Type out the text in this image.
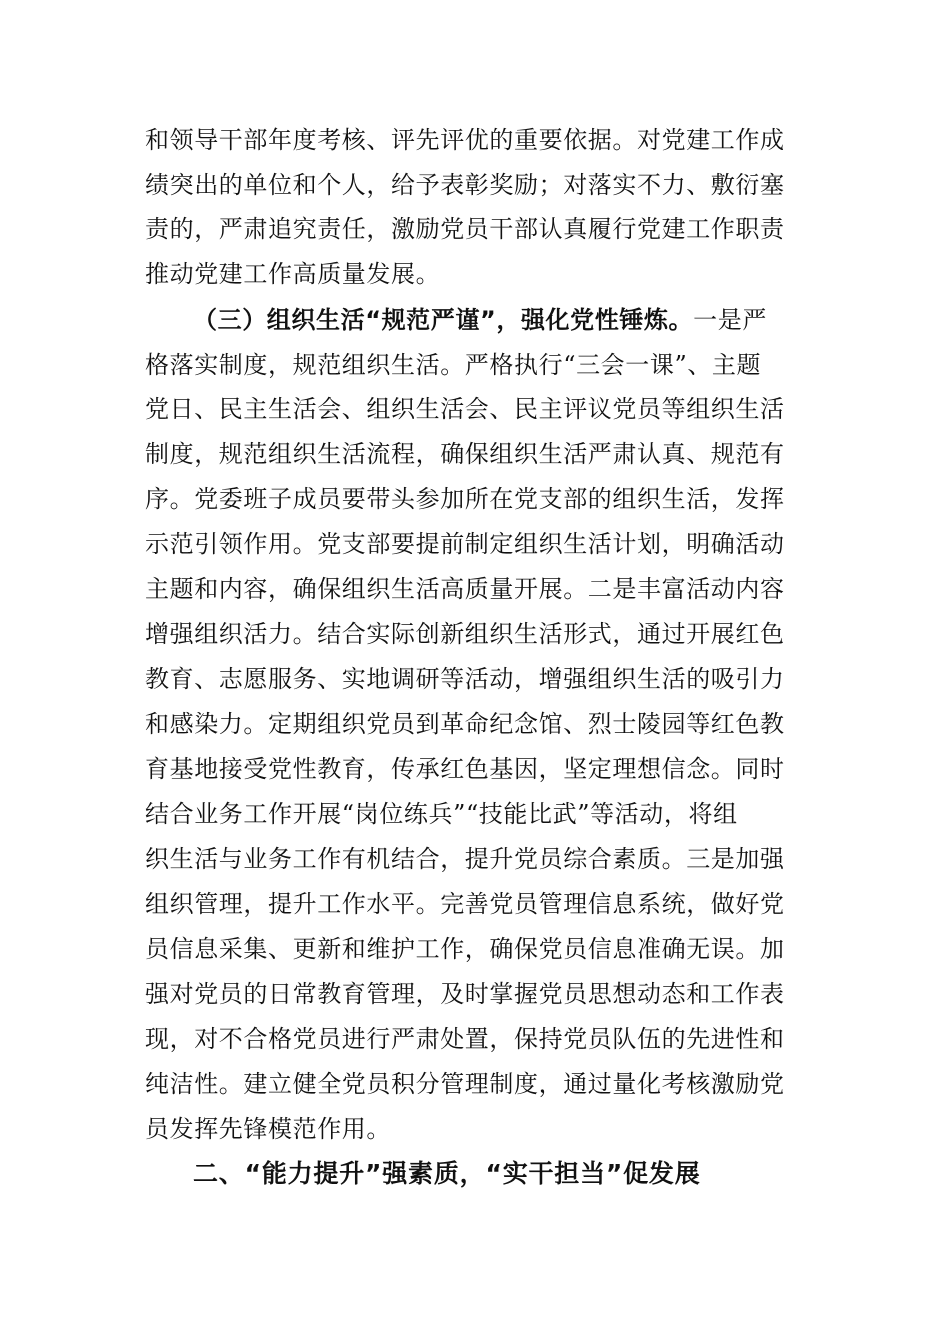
和领导干部年度考核、评先评优的重要依据。对党建工作成
绩突出的单位和个人，给予表彰奖励；对落实不力、敷衍塞
责的，严肃追究责任，激励党员干部认真履行党建工作职责
推动党建工作高质量发展。
（三）组织生活“规范严谨”，强化党性锤炼。一是严
格落实制度，规范组织生活。严格执行“三会一课”、主题
党日、民主生活会、组织生活会、民主评议党员等组织生活
制度，规范组织生活流程，确保组织生活严肃认真、规范有
序。党委班子成员要带头参加所在党支部的组织生活，发挥
示范引领作用。党支部要提前制定组织生活计划，明确活动
主题和内容，确保组织生活高质量开展。二是丰富活动内容
增强组织活力。结合实际创新组织生活形式，通过开展红色
教育、志愿服务、实地调研等活动，增强组织生活的吸引力
和感染力。定期组织党员到革命纪念馆、烈士陵园等红色教
育基地接受党性教育，传承红色基因，坚定理想信念。同时
结合业务工作开展“岗位练兵”“技能比武”等活动，将组
织生活与业务工作有机结合，提升党员综合素质。三是加强
组织管理，提升工作水平。完善党员管理信息系统，做好党
员信息采集、更新和维护工作，确保党员信息准确无误。加
强对党员的日常教育管理，及时掌握党员思想动态和工作表
现，对不合格党员进行严肃处置，保持党员队伍的先进性和
纯洁性。建立健全党员积分管理制度，通过量化考核激励党
员发挥先锋模范作用。
二、“能力提升”强素质，“实干担当”促发展
